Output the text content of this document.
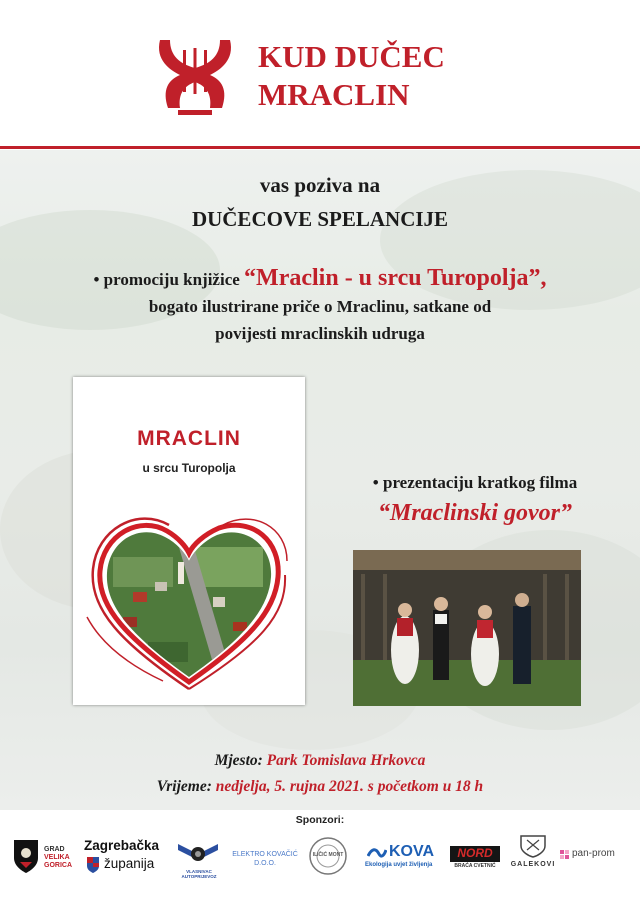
KUD DUČEC
MRACLIN
vas poziva na
DUČECOVE SPELANCIJE
• promociju knjižice “Mraclin - u srcu Turopolja”,
bogato ilustrirane priče o Mraclinu, satkane od
povijesti mraclinskih udruga
MRACLIN
u srcu Turopolja
• prezentaciju kratkog filma
“Mraclinski govor”
Mjesto: Park Tomislava Hrkovca
Vrijeme: nedjelja, 5. rujna 2021. s početkom u 18 h
Sponzori:
GRAD
VELIKA
GORICA
Zagrebačka
županija
VLASNIVAC AUTOPRIJEVOZ
ELEKTRO KOVAČIĆ
D.O.O.
ILIČIĆ MONT	KOVA
Ekologija uvjet življenja
NORD
BRAĆA CVETNIĆ	GALEKOVI
pan-prom
